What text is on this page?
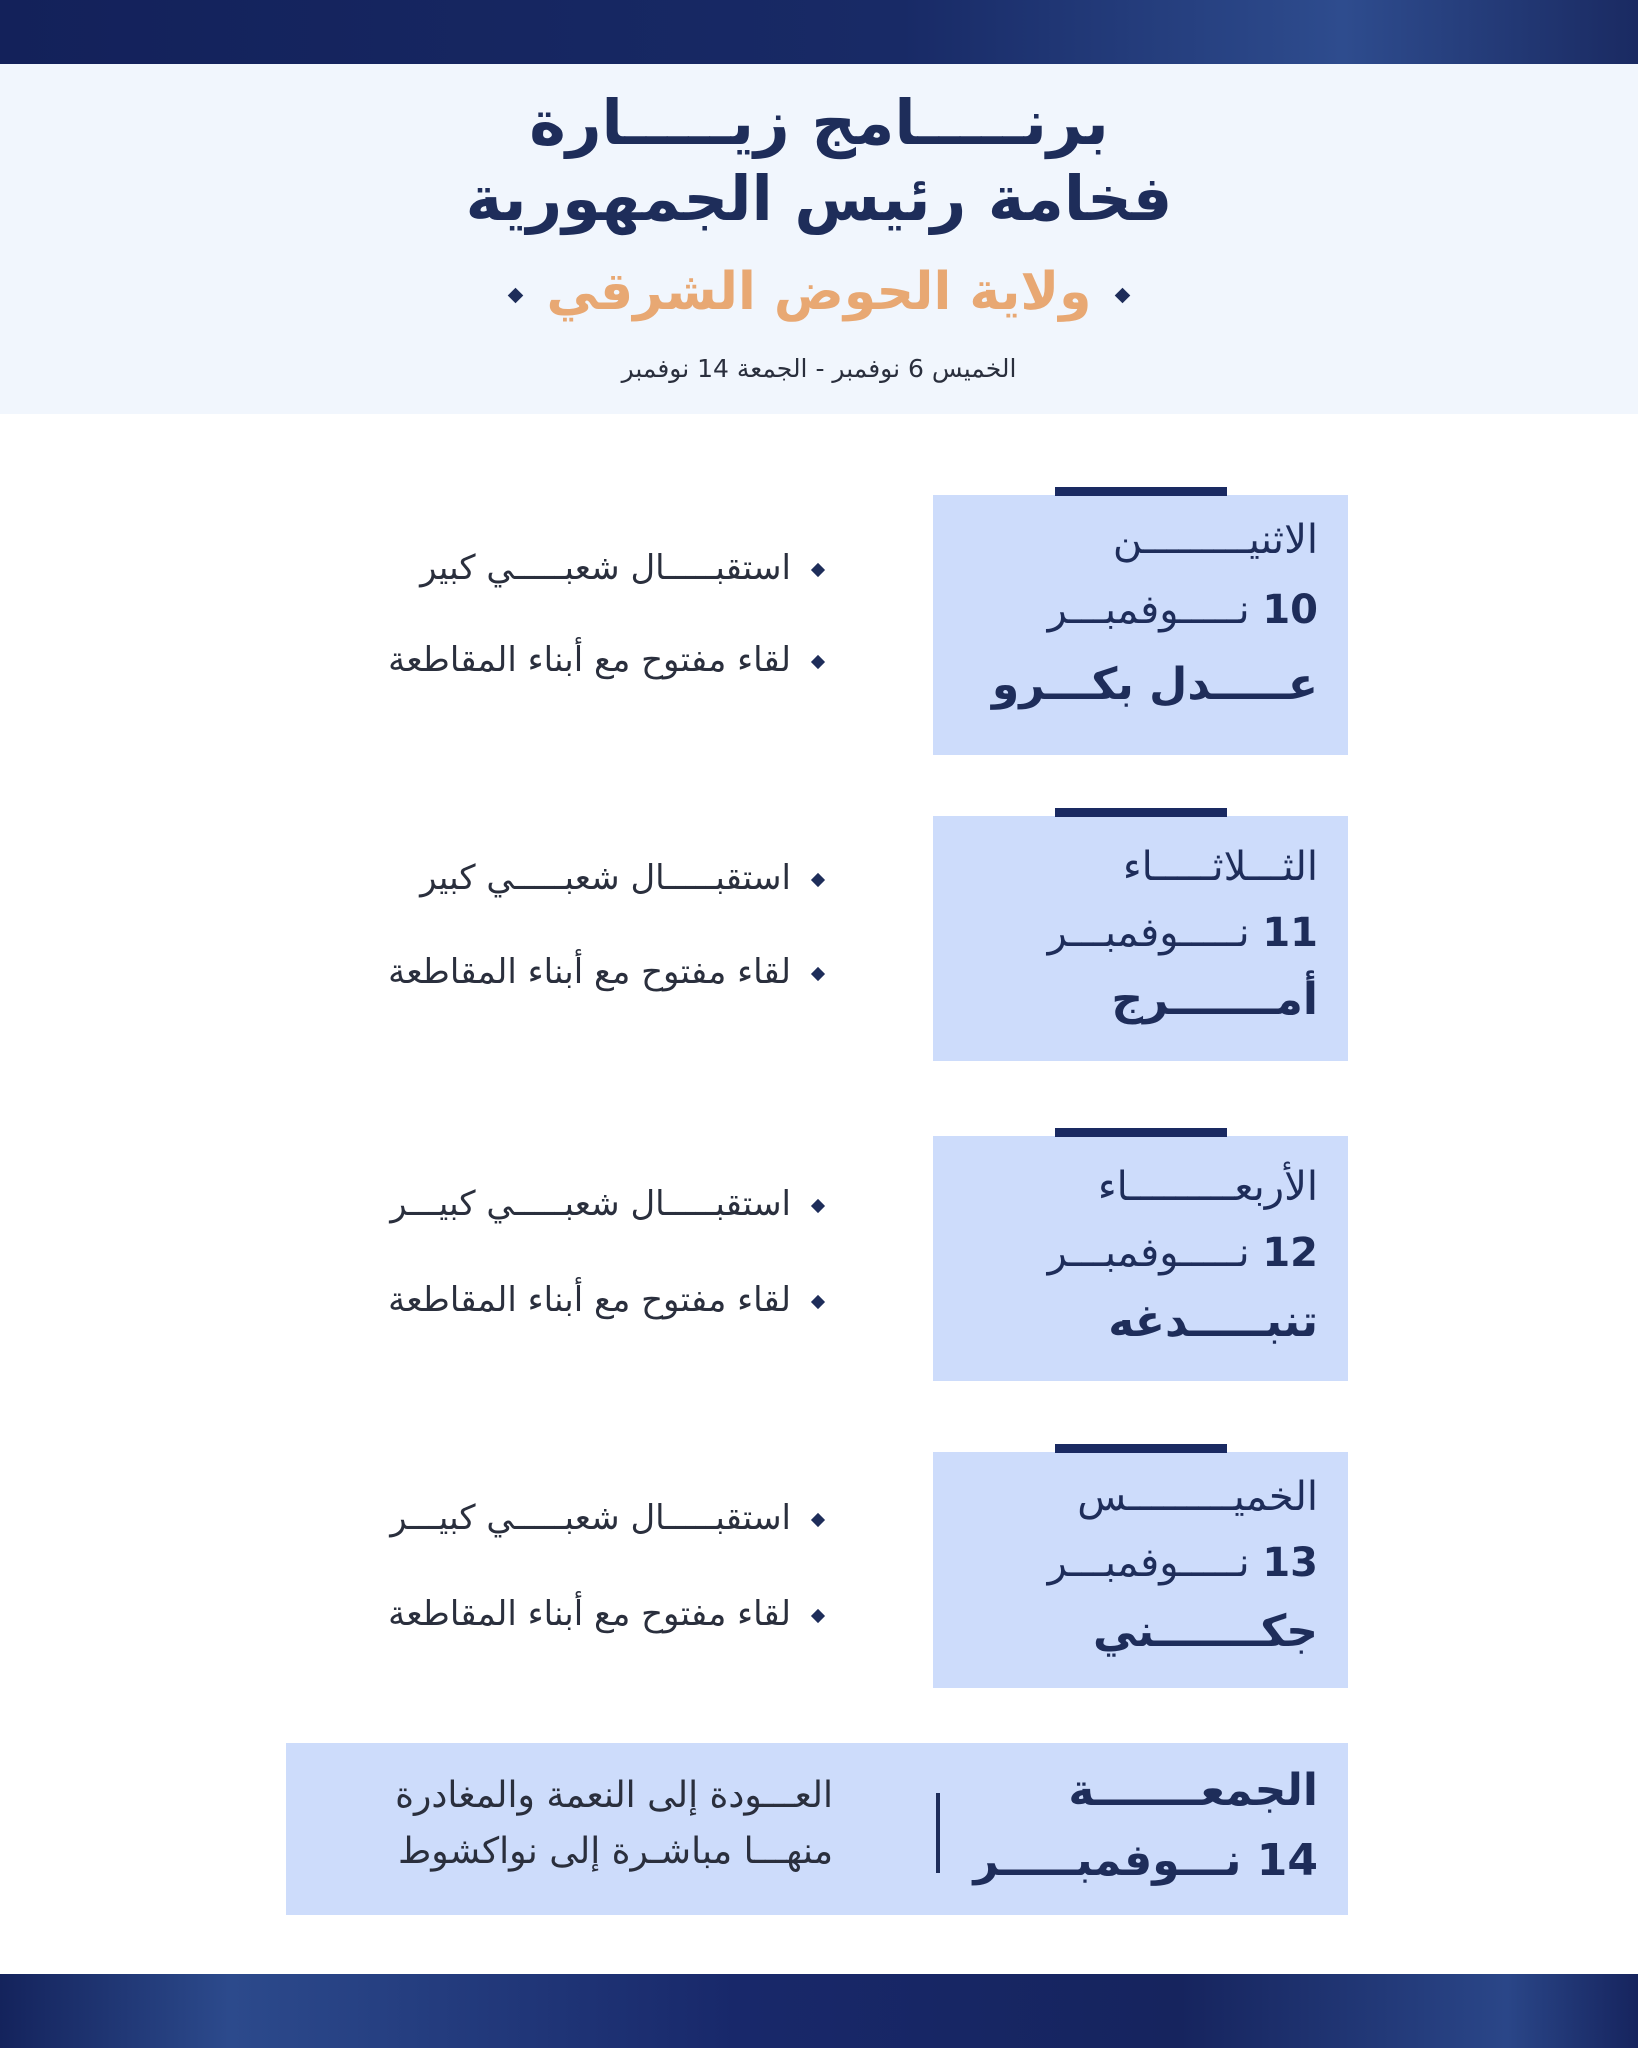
برنـــــامج زيـــــارة
فخامة رئيس الجمهورية
ولاية الحوض الشرقي
الخميس 6 نوفمبر - الجمعة 14 نوفمبر
الاثنيـــــــــن
10 نـــــوفمبـــر
عـــــدل بكـــرو
استقبـــــال شعبـــــي كبير
لقاء مفتوح مع أبناء المقاطعة
الثـــلاثـــــاء
11 نـــــوفمبـــر
أمـــــــرج
استقبـــــال شعبـــــي كبير
لقاء مفتوح مع أبناء المقاطعة
الأربعـــــــــاء
12 نـــــوفمبـــر
تنبـــــدغه
استقبـــــال شعبـــــي كبيـــر
لقاء مفتوح مع أبناء المقاطعة
الخميـــــــــس
13 نـــــوفمبـــر
جكـــــــني
استقبـــــال شعبـــــي كبيـــر
لقاء مفتوح مع أبناء المقاطعة
الجمعـــــــة
14 نـــوفمبـــــر
العـــودة إلى النعمة والمغادرة
منهـــا مباشـرة إلى نواكشوط
